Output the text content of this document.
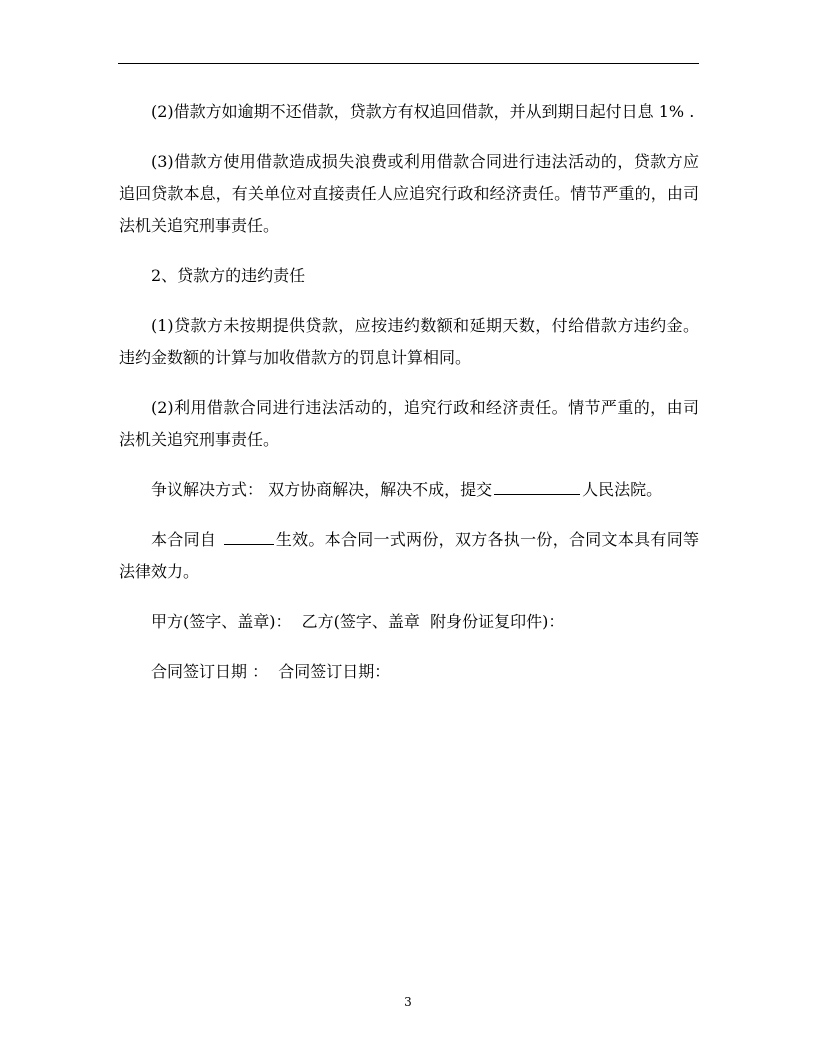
(2)借款方如逾期不还借款，贷款方有权追回借款，并从到期日起付日息 1% .

(3)借款方使用借款造成损失浪费或利用借款合同进行违法活动的，贷款方应追回贷款本息，有关单位对直接责任人应追究行政和经济责任。情节严重的，由司法机关追究刑事责任。

2、贷款方的违约责任

(1)贷款方未按期提供贷款，应按违约数额和延期天数，付给借款方违约金。违约金数额的计算与加收借款方的罚息计算相同。

(2)利用借款合同进行违法活动的，追究行政和经济责任。情节严重的，由司法机关追究刑事责任。

争议解决方式： 双方协商解决，解决不成，提交	人民法院。

本合同自	生效。本合同一式两份，双方各执一份，合同文本具有同等法律效力。

甲方(签字、盖章)：  乙方(签字、盖章  附身份证复印件)：

合同签订日期 ：  合同签订日期：

3
